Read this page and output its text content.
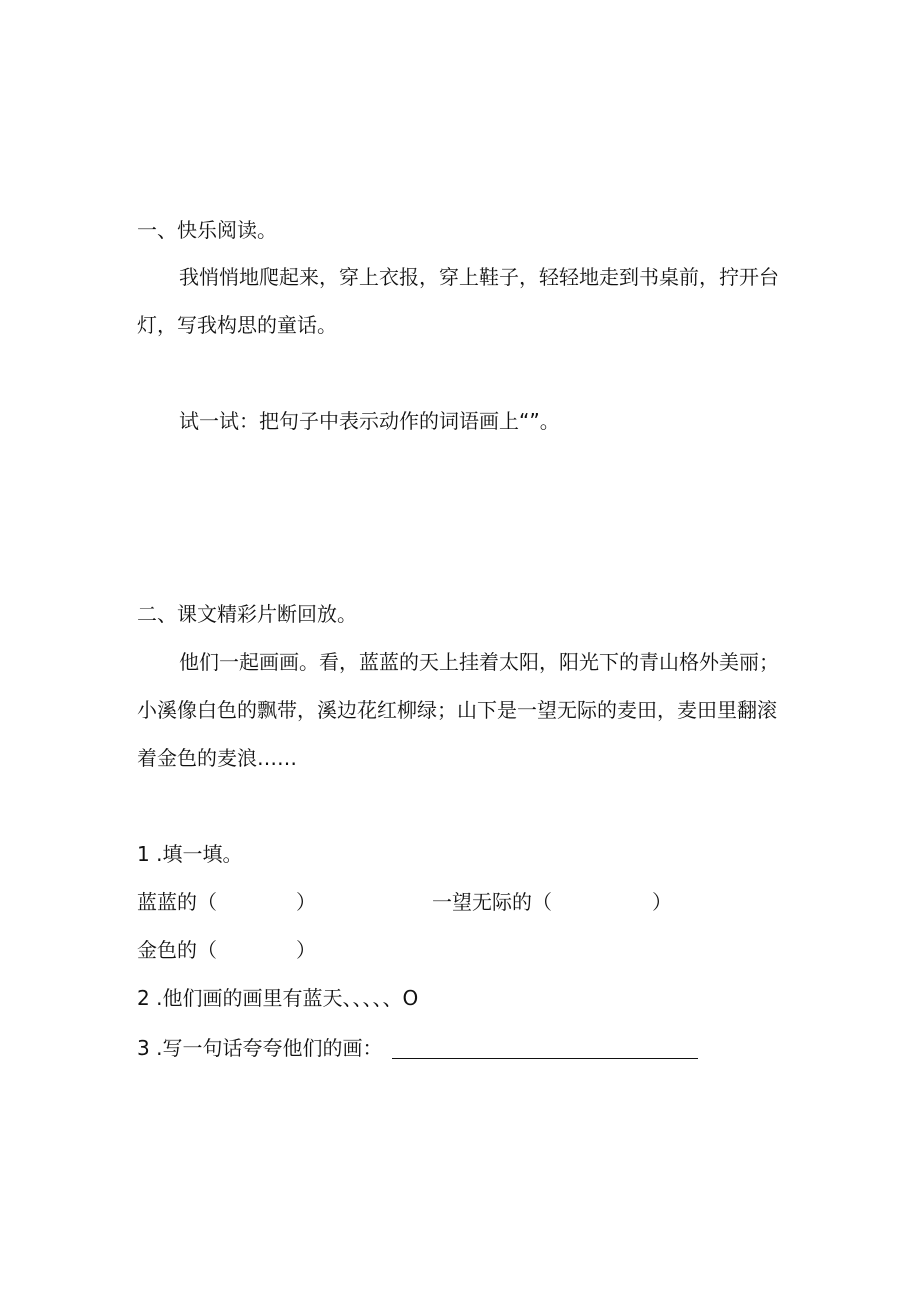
一、快乐阅读。

我悄悄地爬起来，穿上衣报，穿上鞋子，轻轻地走到书桌前，拧开台

灯，写我构思的童话。

试一试：把句子中表示动作的词语画上“”。

二、课文精彩片断回放。

他们一起画画。看，蓝蓝的天上挂着太阳，阳光下的青山格外美丽；

小溪像白色的飘带，溪边花红柳绿；山下是一望无际的麦田，麦田里翻滚

着金色的麦浪……

1 .填一填。

蓝蓝的（	）	一望无际的（	）
金色的（	）

2 .他们画的画里有蓝天、、、、、O

3 .写一句话夸夸他们的画：
